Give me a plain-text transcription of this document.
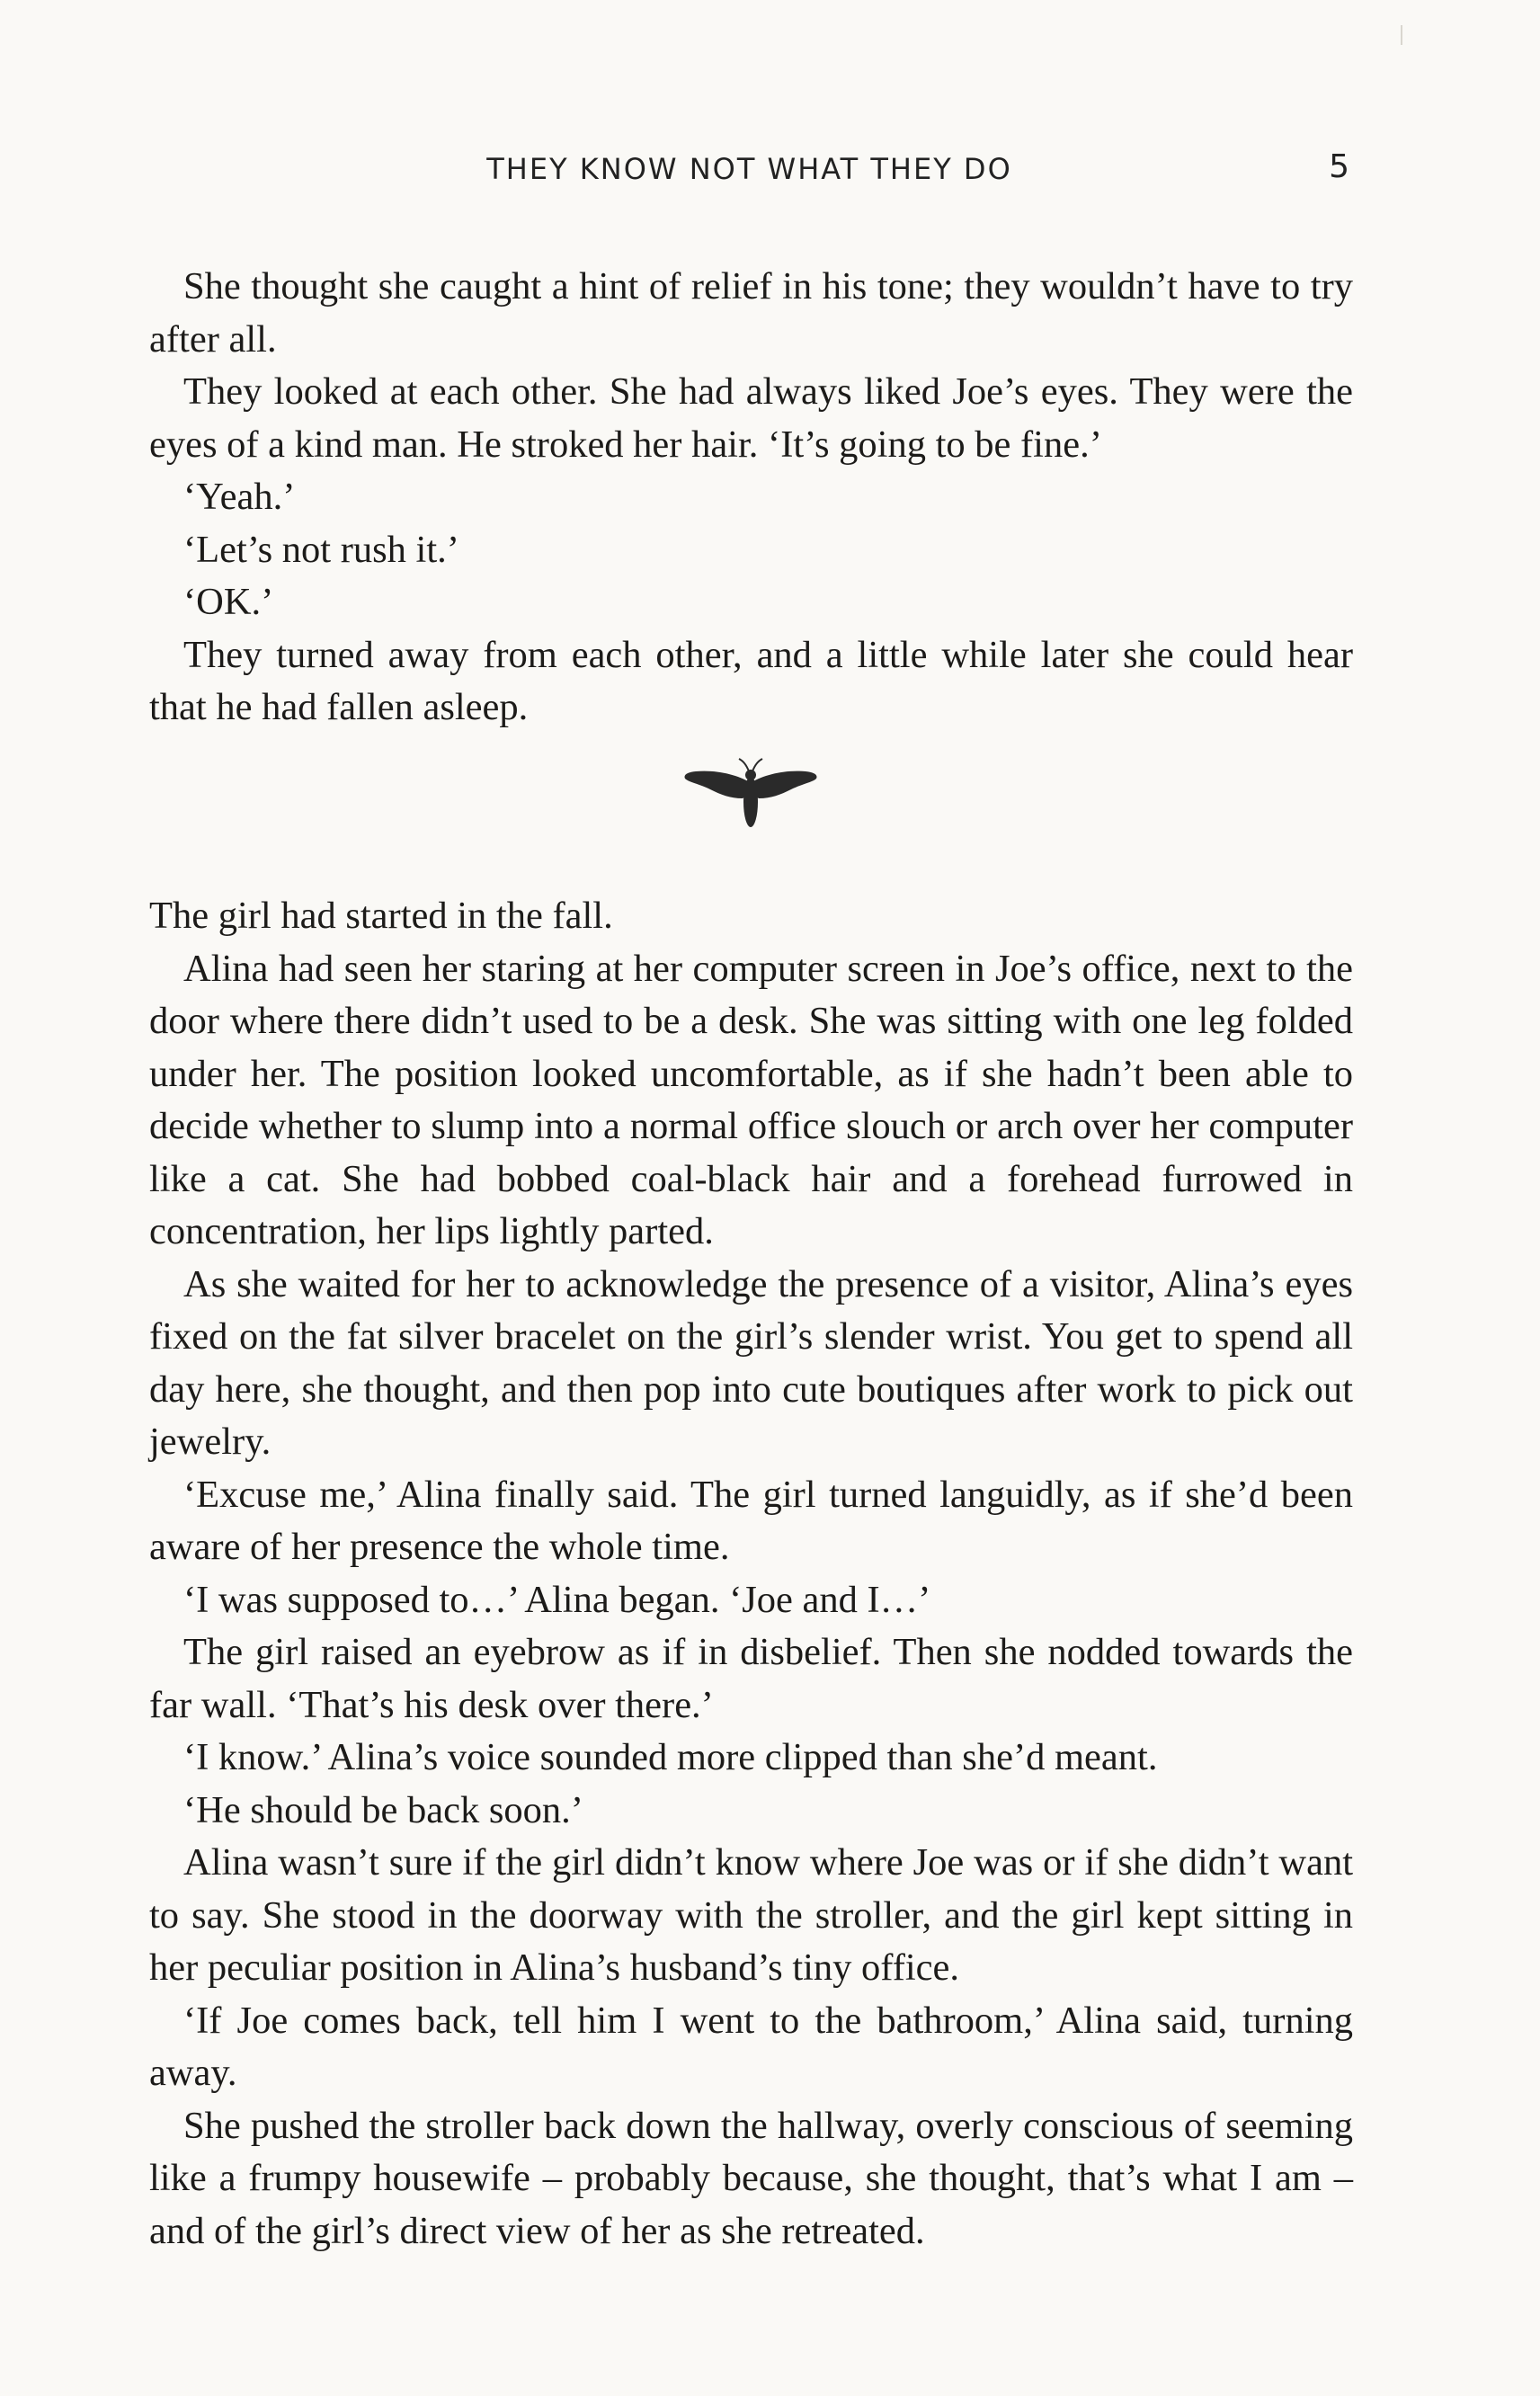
THEY KNOW NOT WHAT THEY DO	5

She thought she caught a hint of relief in his tone; they wouldn’t have to try after all.

They looked at each other. She had always liked Joe’s eyes. They were the eyes of a kind man. He stroked her hair. ‘It’s going to be fine.’

‘Yeah.’

‘Let’s not rush it.’

‘OK.’

They turned away from each other, and a little while later she could hear that he had fallen asleep.

The girl had started in the fall.

Alina had seen her staring at her computer screen in Joe’s office, next to the door where there didn’t used to be a desk. She was sitting with one leg folded under her. The position looked uncomfortable, as if she hadn’t been able to decide whether to slump into a normal office slouch or arch over her computer like a cat. She had bobbed coal-black hair and a forehead furrowed in concentration, her lips lightly parted.

As she waited for her to acknowledge the presence of a visitor, Alina’s eyes fixed on the fat silver bracelet on the girl’s slender wrist. You get to spend all day here, she thought, and then pop into cute boutiques after work to pick out jewelry.

‘Excuse me,’ Alina finally said. The girl turned languidly, as if she’d been aware of her presence the whole time.

‘I was supposed to…’ Alina began. ‘Joe and I…’

The girl raised an eyebrow as if in disbelief. Then she nodded towards the far wall. ‘That’s his desk over there.’

‘I know.’ Alina’s voice sounded more clipped than she’d meant.

‘He should be back soon.’

Alina wasn’t sure if the girl didn’t know where Joe was or if she didn’t want to say. She stood in the doorway with the stroller, and the girl kept sitting in her peculiar position in Alina’s husband’s tiny office.

‘If Joe comes back, tell him I went to the bathroom,’ Alina said, turning away.

She pushed the stroller back down the hallway, overly conscious of seeming like a frumpy housewife – probably because, she thought, that’s what I am – and of the girl’s direct view of her as she retreated.
